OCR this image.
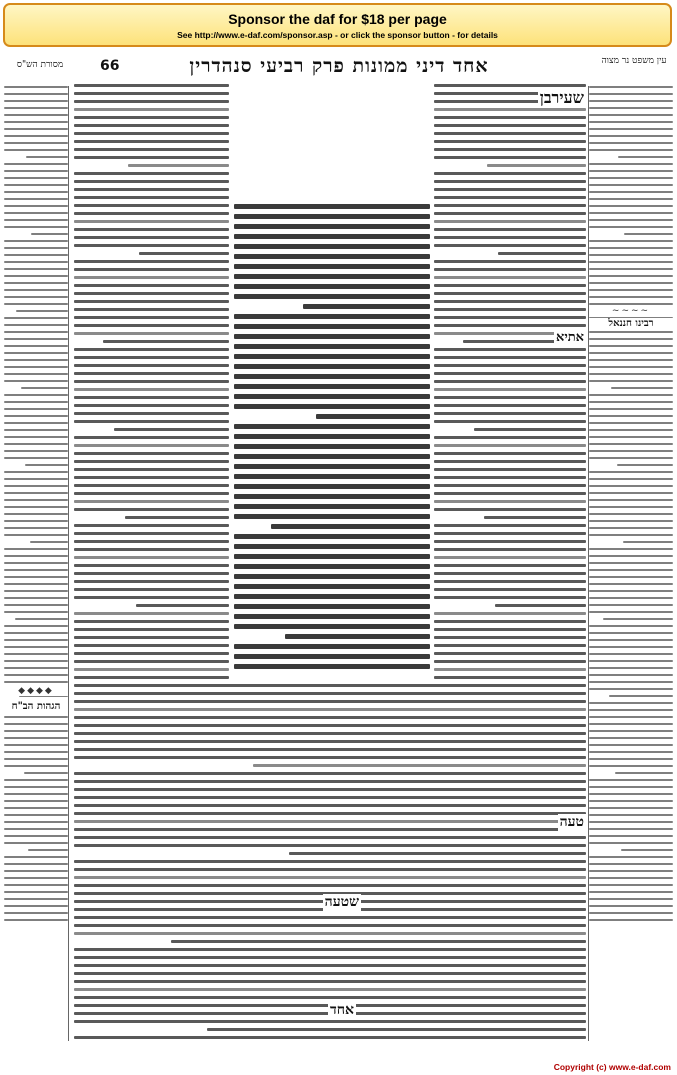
Sponsor the daf for $18 per page
See http://www.e-daf.com/sponsor.asp - or click the sponsor button - for details
מסורת הש"ס	66	אחד דיני ממונות פרק רביעי סנהדרין	עין משפט נר מצוה
◆◆◆◆
הגהות הב"ח
~~~~
רבינו חננאל
שעירבן
אתיא
טעה
שטעה
אחד
Copyright (c) www.e-daf.com
